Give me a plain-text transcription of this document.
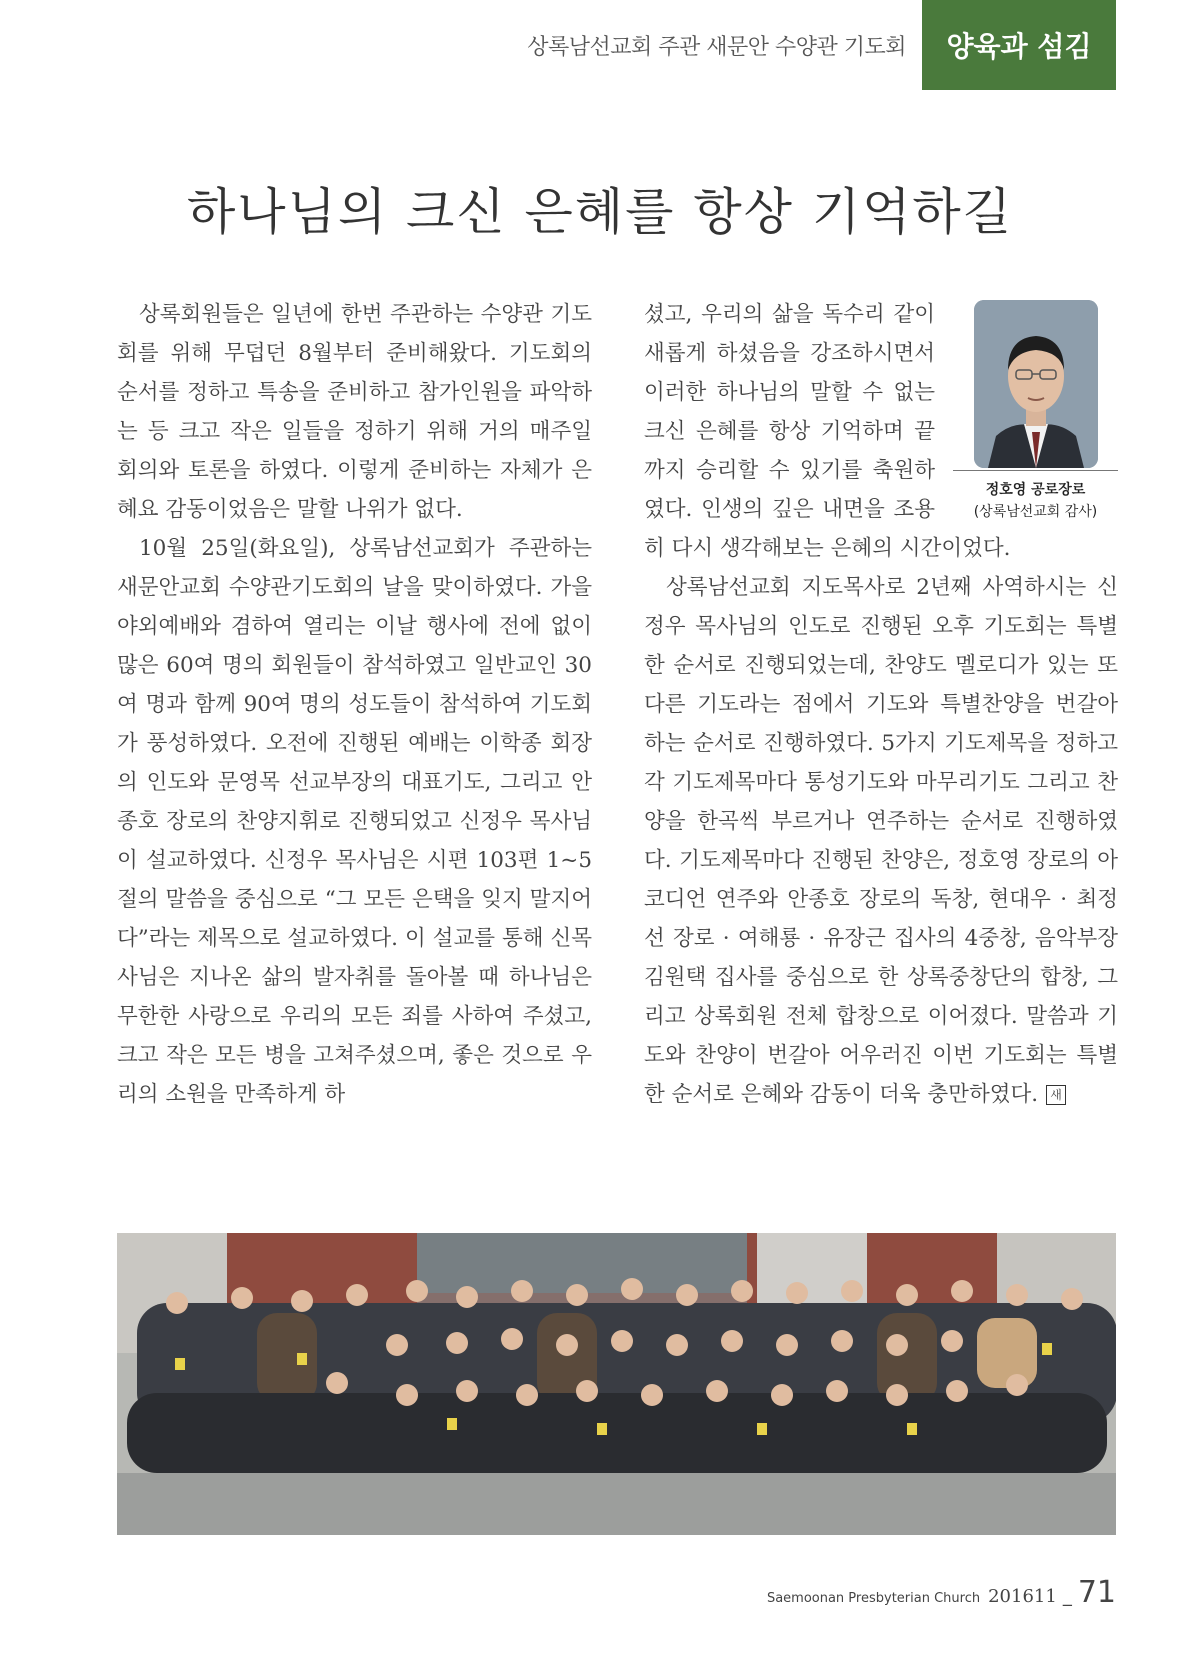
상록남선교회 주관 새문안 수양관 기도회	양육과 섬김
하나님의 크신 은혜를 항상 기억하길

상록회원들은 일년에 한번 주관하는 수양관 기도회를 위해 무덥던 8월부터 준비해왔다. 기도회의 순서를 정하고 특송을 준비하고 참가인원을 파악하는 등 크고 작은 일들을 정하기 위해 거의 매주일 회의와 토론을 하였다. 이렇게 준비하는 자체가 은혜요 감동이었음은 말할 나위가 없다.

10월 25일(화요일), 상록남선교회가 주관하는 새문안교회 수양관기도회의 날을 맞이하였다. 가을 야외예배와 겸하여 열리는 이날 행사에 전에 없이 많은 60여 명의 회원들이 참석하였고 일반교인 30여 명과 함께 90여 명의 성도들이 참석하여 기도회가 풍성하였다. 오전에 진행된 예배는 이학종 회장의 인도와 문영목 선교부장의 대표기도, 그리고 안종호 장로의 찬양지휘로 진행되었고 신정우 목사님이 설교하였다. 신정우 목사님은 시편 103편 1~5절의 말씀을 중심으로 “그 모든 은택을 잊지 말지어다”라는 제목으로 설교하였다. 이 설교를 통해 신목사님은 지나온 삶의 발자취를 돌아볼 때 하나님은 무한한 사랑으로 우리의 모든 죄를 사하여 주셨고, 크고 작은 모든 병을 고쳐주셨으며, 좋은 것으로 우리의 소원을 만족하게 하

정호영 공로장로
(상록남선교회 감사)

셨고, 우리의 삶을 독수리 같이 새롭게 하셨음을 강조하시면서 이러한 하나님의 말할 수 없는 크신 은혜를 항상 기억하며 끝까지 승리할 수 있기를 축원하였다. 인생의 깊은 내면을 조용히 다시 생각해보는 은혜의 시간이었다.

상록남선교회 지도목사로 2년째 사역하시는 신정우 목사님의 인도로 진행된 오후 기도회는 특별한 순서로 진행되었는데, 찬양도 멜로디가 있는 또 다른 기도라는 점에서 기도와 특별찬양을 번갈아 하는 순서로 진행하였다. 5가지 기도제목을 정하고 각 기도제목마다 통성기도와 마무리기도 그리고 찬양을 한곡씩 부르거나 연주하는 순서로 진행하였다. 기도제목마다 진행된 찬양은, 정호영 장로의 아코디언 연주와 안종호 장로의 독창, 현대우 · 최정선 장로 · 여해룡 · 유장근 집사의 4중창, 음악부장 김원택 집사를 중심으로 한 상록중창단의 합창, 그리고 상록회원 전체 합창으로 이어졌다. 말씀과 기도와 찬양이 번갈아 어우러진 이번 기도회는 특별한 순서로 은혜와 감동이 더욱 충만하였다. 새

Saemoonan Presbyterian Church 201611 _ 71
